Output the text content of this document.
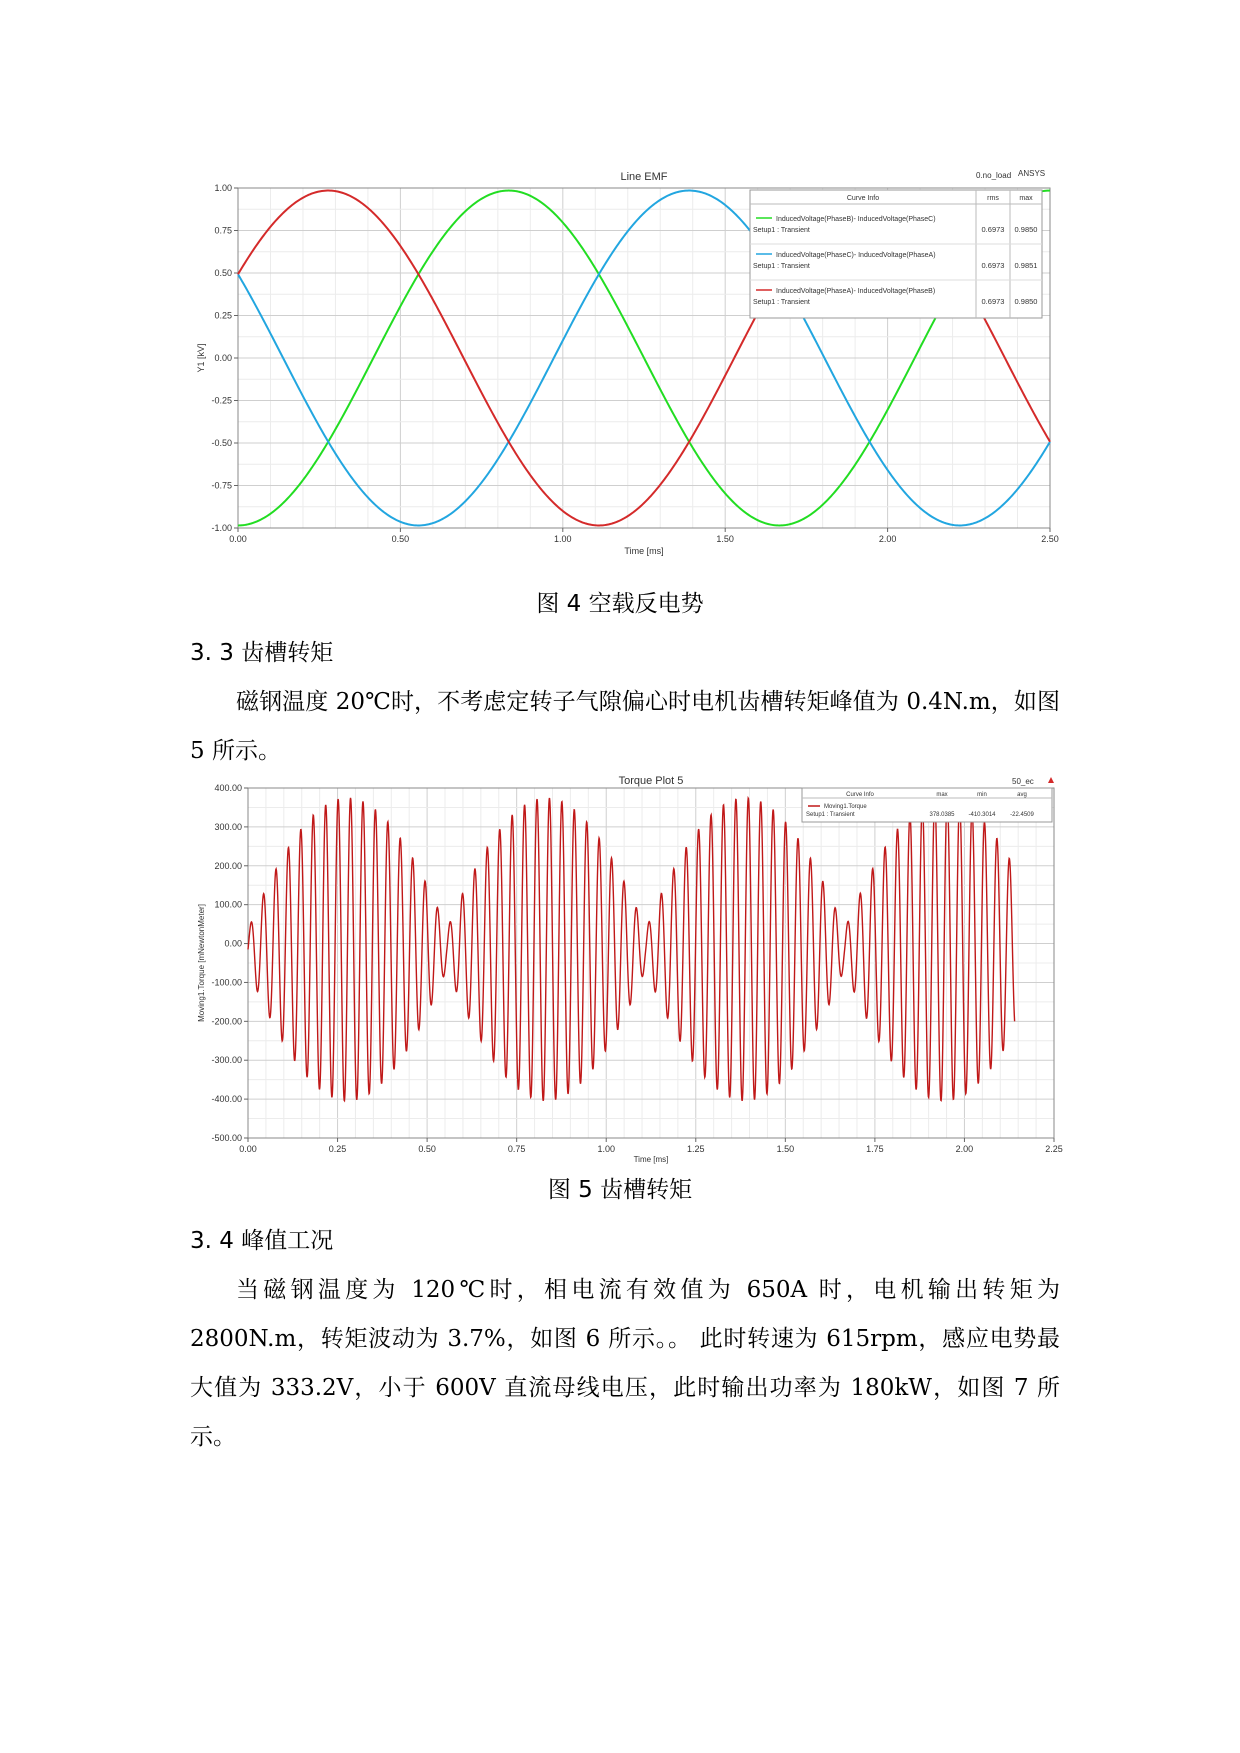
0.00	0.50	1.00	1.50	2.00	2.50
1.00
0.75
0.50
0.25
0.00
-0.25
-0.50
-0.75
-1.00
Line EMF
Time [ms]
Y1 [kV]
0.no_load ANSYS
Curve Info	rms	max
InducedVoltage(PhaseB)- InducedVoltage(PhaseC)
Setup1 : Transient	0.6973 0.9850
InducedVoltage(PhaseC)- InducedVoltage(PhaseA)
Setup1 : Transient	0.6973 0.9851
InducedVoltage(PhaseA)- InducedVoltage(PhaseB)
Setup1 : Transient	0.6973 0.9850
图 4 空载反电势
3. 3 齿槽转矩

磁钢温度 20℃时，不考虑定转子气隙偏心时电机齿槽转矩峰值为 0.4N.m，如图 5 所示。

0.00	0.25	0.50	0.75	1.00	1.25	1.50	1.75	2.00	2.25
400.00
300.00
200.00
100.00
0.00
-100.00
-200.00
-300.00
-400.00
-500.00
Torque Plot 5
Time [ms]
Moving1.Torque [mNewtonMeter]
50_ec
Curve Info	max	min	avg
Moving1.Torque
Setup1 : Transient	378.0385 -410.3014 -22.4509
图 5 齿槽转矩
3. 4 峰值工况

当磁钢温度为 120℃时，相电流有效值为 650A 时，电机输出转矩为 2800N.m，转矩波动为 3.7%，如图 6 所示。。 此时转速为 615rpm，感应电势最大值为 333.2V，小于 600V 直流母线电压，此时输出功率为 180kW，如图 7 所示。
